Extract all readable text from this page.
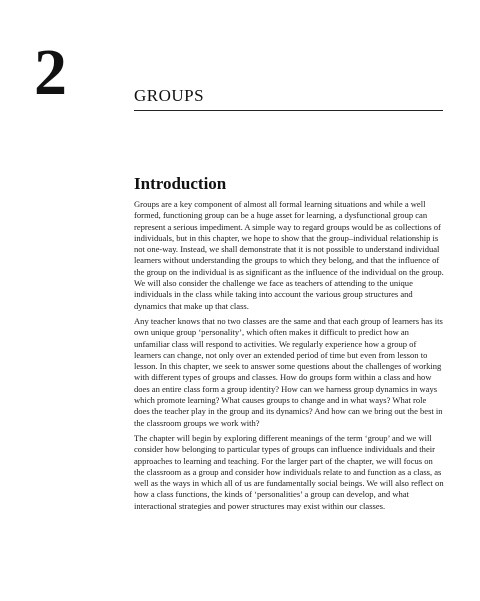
2	GROUPS
Introduction

Groups are a key component of almost all formal learning situations and while a well formed, functioning group can be a huge asset for learning, a dysfunctional group can represent a serious impediment. A simple way to regard groups would be as collections of individuals, but in this chapter, we hope to show that the group–individual relationship is not one-way. Instead, we shall demonstrate that it is not possible to understand individual learners without understanding the groups to which they belong, and that the influence of the group on the individual is as significant as the influence of the individual on the group. We will also consider the challenge we face as teachers of attending to the unique individuals in the class while taking into account the various group structures and dynamics that make up that class.

Any teacher knows that no two classes are the same and that each group of learners has its own unique group ‘personality’, which often makes it difficult to predict how an unfamiliar class will respond to activities. We regularly experience how a group of learners can change, not only over an extended period of time but even from lesson to lesson. In this chapter, we seek to answer some questions about the challenges of working with different types of groups and classes. How do groups form within a class and how does an entire class form a group identity? How can we harness group dynamics in ways which promote learning? What causes groups to change and in what ways? What role does the teacher play in the group and its dynamics? And how can we bring out the best in the classroom groups we work with?

The chapter will begin by exploring different meanings of the term ‘group’ and we will consider how belonging to particular types of groups can influence individuals and their approaches to learning and teaching. For the larger part of the chapter, we will focus on the classroom as a group and consider how individuals relate to and function as a class, as well as the ways in which all of us are fundamentally social beings. We will also reflect on how a class functions, the kinds of ‘personalities’ a group can develop, and what interactional strategies and power structures may exist within our classes.
